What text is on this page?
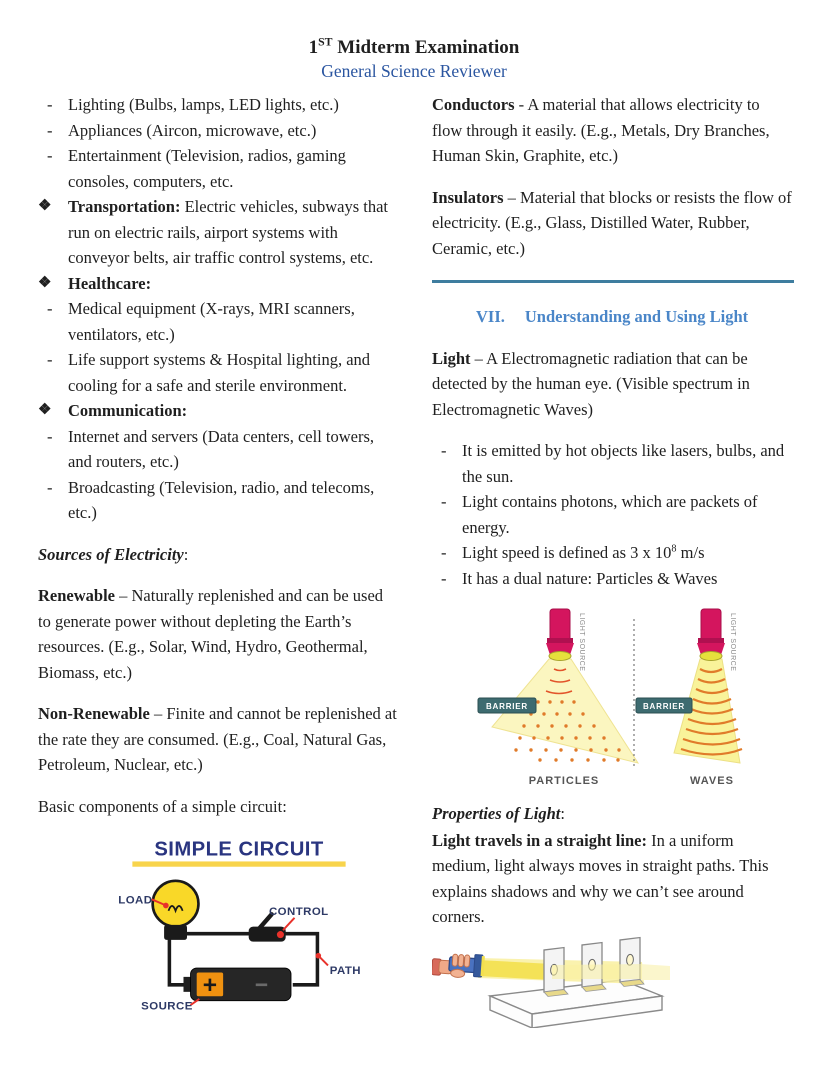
1ST Midterm Examination
General Science Reviewer
- Lighting (Bulbs, lamps, LED lights, etc.)
- Appliances (Aircon, microwave, etc.)
- Entertainment (Television, radios, gaming consoles, computers, etc.
❖ Transportation: Electric vehicles, subways that run on electric rails, airport systems with conveyor belts, air traffic control systems, etc.
❖ Healthcare:
- Medical equipment (X-rays, MRI scanners, ventilators, etc.)
- Life support systems & Hospital lighting, and cooling for a safe and sterile environment.
❖ Communication:
- Internet and servers (Data centers, cell towers, and routers, etc.)
- Broadcasting (Television, radio, and telecoms, etc.)
Sources of Electricity:
Renewable – Naturally replenished and can be used to generate power without depleting the Earth’s resources. (E.g., Solar, Wind, Hydro, Geothermal, Biomass, etc.)
Non-Renewable – Finite and cannot be replenished at the rate they are consumed. (E.g., Coal, Natural Gas, Petroleum, Nuclear, etc.)
Basic components of a simple circuit:
SIMPLE CIRCUIT
LOAD
CONTROL
PATH
SOURCE
Conductors - A material that allows electricity to flow through it easily. (E.g., Metals, Dry Branches, Human Skin, Graphite, etc.)
Insulators – Material that blocks or resists the flow of electricity. (E.g., Glass, Distilled Water, Rubber, Ceramic, etc.)
VII. Understanding and Using Light
Light – A Electromagnetic radiation that can be detected by the human eye. (Visible spectrum in Electromagnetic Waves)
- It is emitted by hot objects like lasers, bulbs, and the sun.
- Light contains photons, which are packets of energy.
- Light speed is defined as 3 x $10^8$ m/s
- It has a dual nature: Particles & Waves
LIGHT SOURCE
BARRIER
PARTICLES
LIGHT SOURCE
BARRIER
WAVES
Properties of Light:
Light travels in a straight line: In a uniform medium, light always moves in straight paths. This explains shadows and why we can’t see around corners.
